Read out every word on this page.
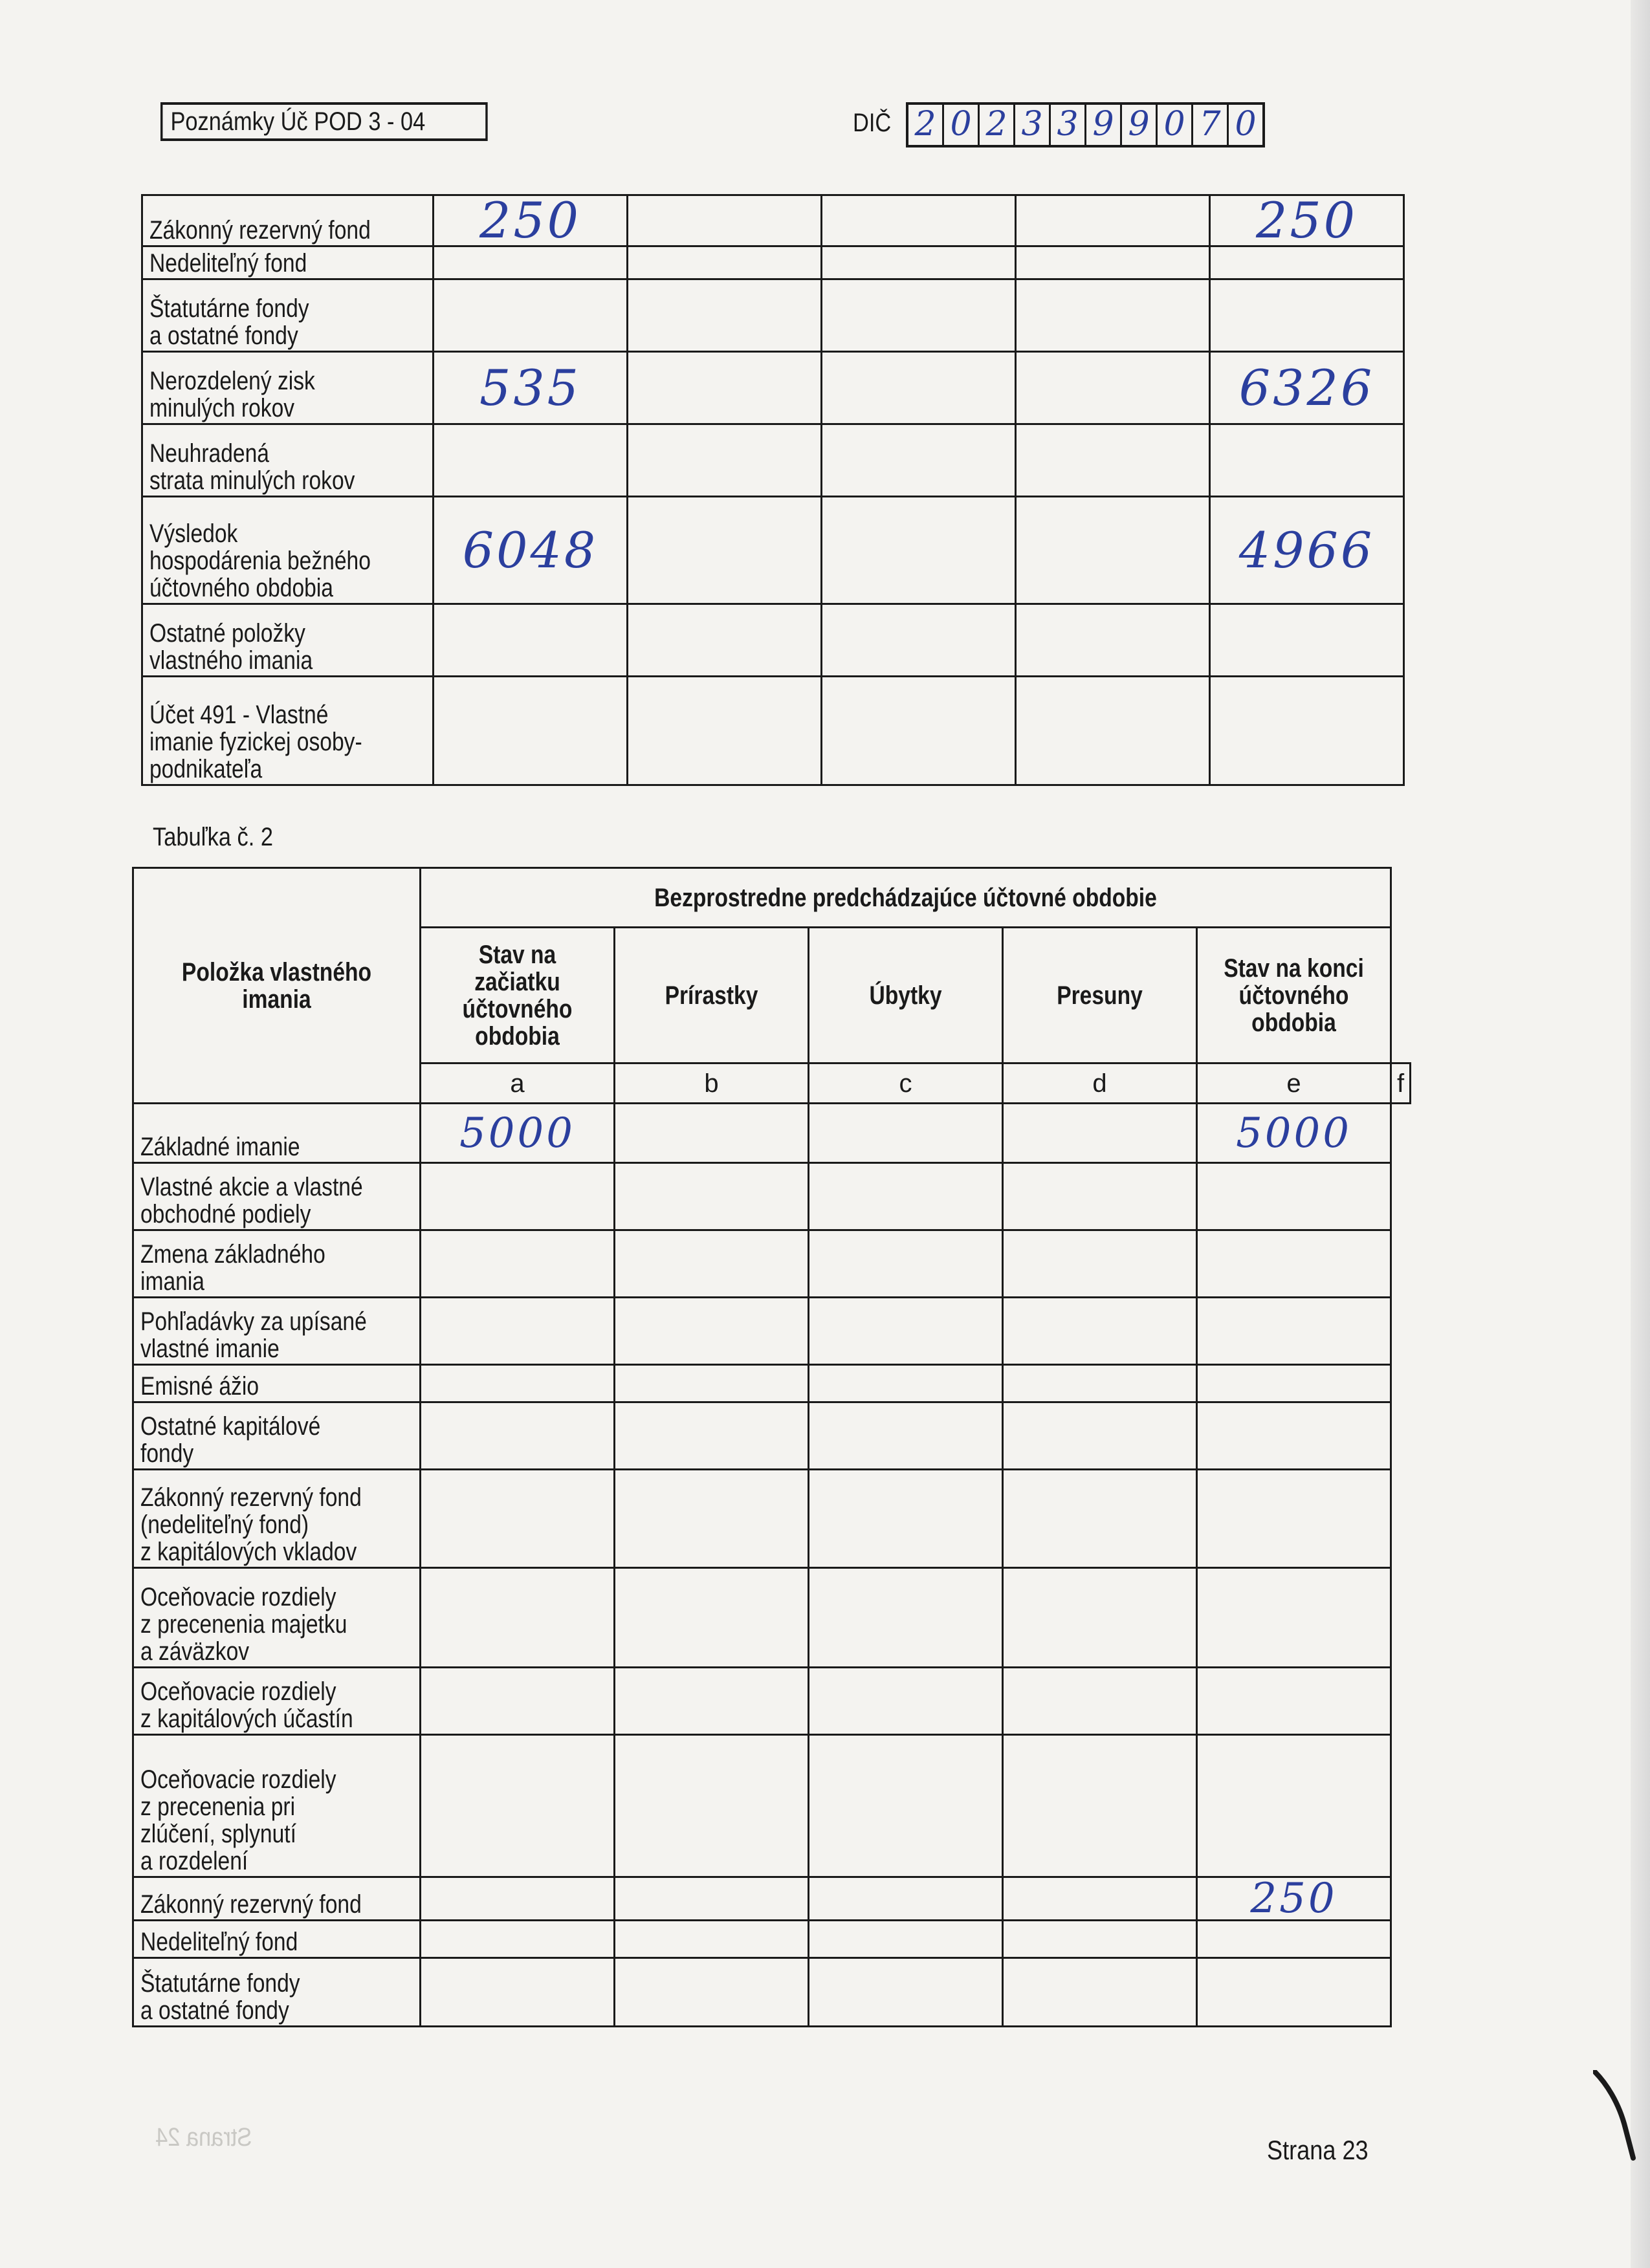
Poznámky Úč POD 3 - 04	DIČ 2 0 2 3 3 9 9 0 7 0
Zákonný rezervný fond	250				250

Nedeliteľný fond					

Štatutárne fondy
a ostatné fondy					

Nerozdelený zisk
minulých rokov	535				6326

Neuhradená
strata minulých rokov					

Výsledok
hospodárenia bežného
účtovného obdobia	6048				4966

Ostatné položky
vlastného imania					

Účet 491 - Vlastné
imanie fyzickej osoby-
podnikateľa					

Tabuľka č. 2
Položka vlastného
imania	Bezprostredne predchádzajúce účtovné obdobie					

	Stav na
začiatku
účtovného
obdobia	Prírastky	Úbytky	Presuny	Stav na konci
účtovného
obdobia	

	a	b	c	d	e	f

Základné imanie	5000				5000	

Vlastné akcie a vlastné
obchodné podiely						

Zmena základného
imania						

Pohľadávky za upísané
vlastné imanie						

Emisné ážio						

Ostatné kapitálové
fondy						

Zákonný rezervný fond
(nedeliteľný fond)
z kapitálových vkladov						

Oceňovacie rozdiely
z precenenia majetku
a záväzkov						

Oceňovacie rozdiely
z kapitálových účastín						

Oceňovacie rozdiely
z precenenia pri
zlúčení, splynutí
a rozdelení						

Zákonný rezervný fond					250	

Nedeliteľný fond						

Štatutárne fondy
a ostatné fondy						

Strana 24	Strana 23
